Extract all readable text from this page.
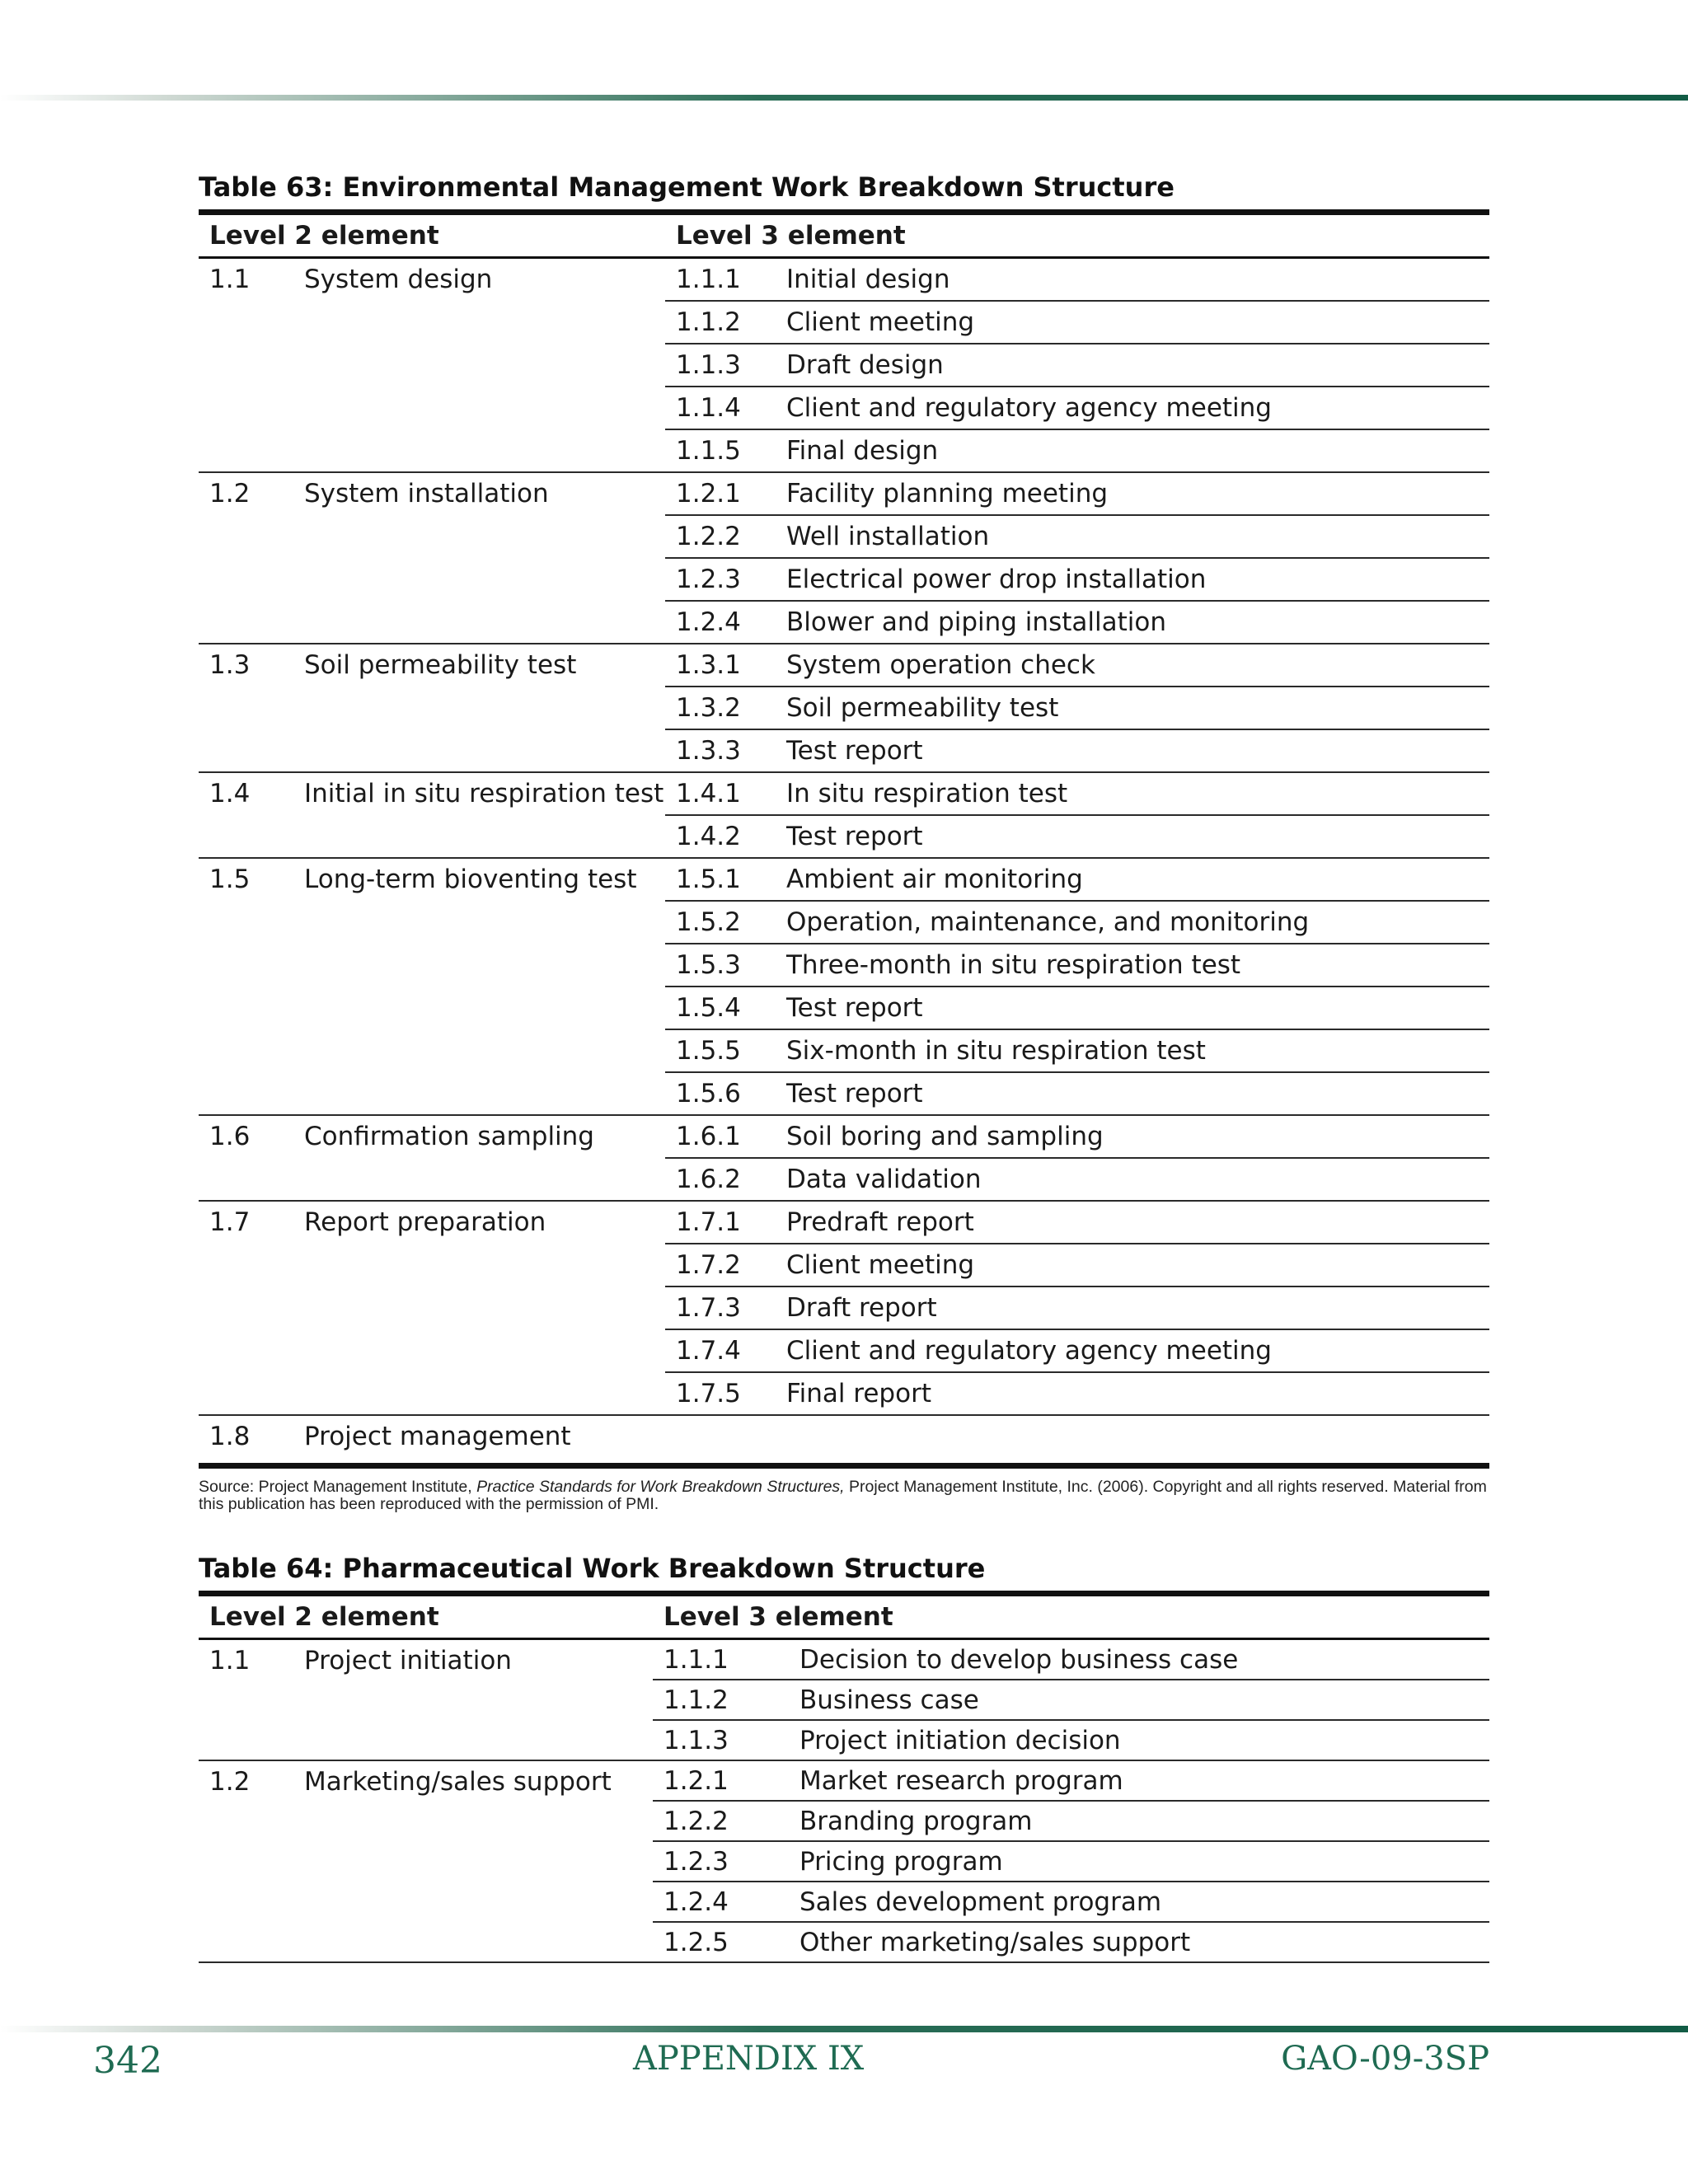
Table 63: Environmental Management Work Breakdown Structure
Level 2 element		Level 3 element	
1.1	System design	1.1.1	Initial design
		1.1.2	Client meeting
		1.1.3	Draft design
		1.1.4	Client and regulatory agency meeting
		1.1.5	Final design
1.2	System installation	1.2.1	Facility planning meeting
		1.2.2	Well installation
		1.2.3	Electrical power drop installation
		1.2.4	Blower and piping installation
1.3	Soil permeability test	1.3.1	System operation check
		1.3.2	Soil permeability test
		1.3.3	Test report
1.4	Initial in situ respiration test	1.4.1	In situ respiration test
		1.4.2	Test report
1.5	Long-term bioventing test	1.5.1	Ambient air monitoring
		1.5.2	Operation, maintenance, and monitoring
		1.5.3	Three-month in situ respiration test
		1.5.4	Test report
		1.5.5	Six-month in situ respiration test
		1.5.6	Test report
1.6	Confirmation sampling	1.6.1	Soil boring and sampling
		1.6.2	Data validation
1.7	Report preparation	1.7.1	Predraft report
		1.7.2	Client meeting
		1.7.3	Draft report
		1.7.4	Client and regulatory agency meeting
		1.7.5	Final report
1.8	Project management		

Source: Project Management Institute, Practice Standards for Work Breakdown Structures, Project Management Institute, Inc. (2006). Copyright and all rights reserved. Material from this publication has been reproduced with the permission of PMI.

Table 64: Pharmaceutical Work Breakdown Structure
Level 2 element		Level 3 element	
1.1	Project initiation	1.1.1	Decision to develop business case
		1.1.2	Business case
		1.1.3	Project initiation decision
1.2	Marketing/sales support	1.2.1	Market research program
		1.2.2	Branding program
		1.2.3	Pricing program
		1.2.4	Sales development program
		1.2.5	Other marketing/sales support
342	APPENDIX IX	GAO-09-3SP
